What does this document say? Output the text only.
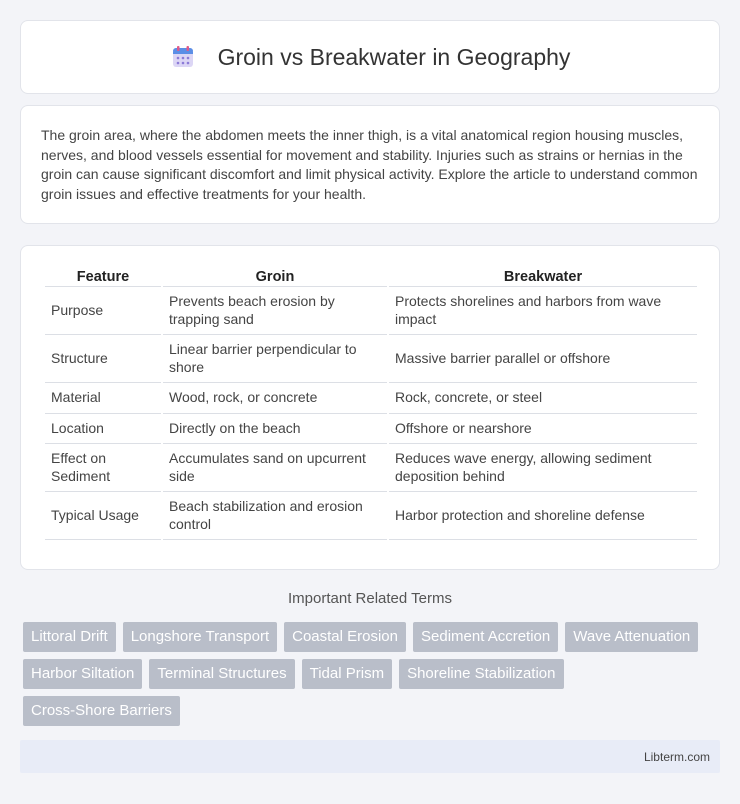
Groin vs Breakwater in Geography

The groin area, where the abdomen meets the inner thigh, is a vital anatomical region housing muscles, nerves, and blood vessels essential for movement and stability. Injuries such as strains or hernias in the groin can cause significant discomfort and limit physical activity. Explore the article to understand common groin issues and effective treatments for your health.

Feature	Groin	Breakwater
Purpose	Prevents beach erosion by trapping sand	Protects shorelines and harbors from wave impact
Structure	Linear barrier perpendicular to shore	Massive barrier parallel or offshore
Material	Wood, rock, or concrete	Rock, concrete, or steel
Location	Directly on the beach	Offshore or nearshore
Effect on Sediment	Accumulates sand on upcurrent side	Reduces wave energy, allowing sediment deposition behind
Typical Usage	Beach stabilization and erosion control	Harbor protection and shoreline defense
Important Related Terms
Littoral Drift	Longshore Transport	Coastal Erosion	Sediment Accretion	Wave Attenuation
Harbor Siltation	Terminal Structures	Tidal Prism	Shoreline Stabilization
Cross-Shore Barriers
Libterm.com
